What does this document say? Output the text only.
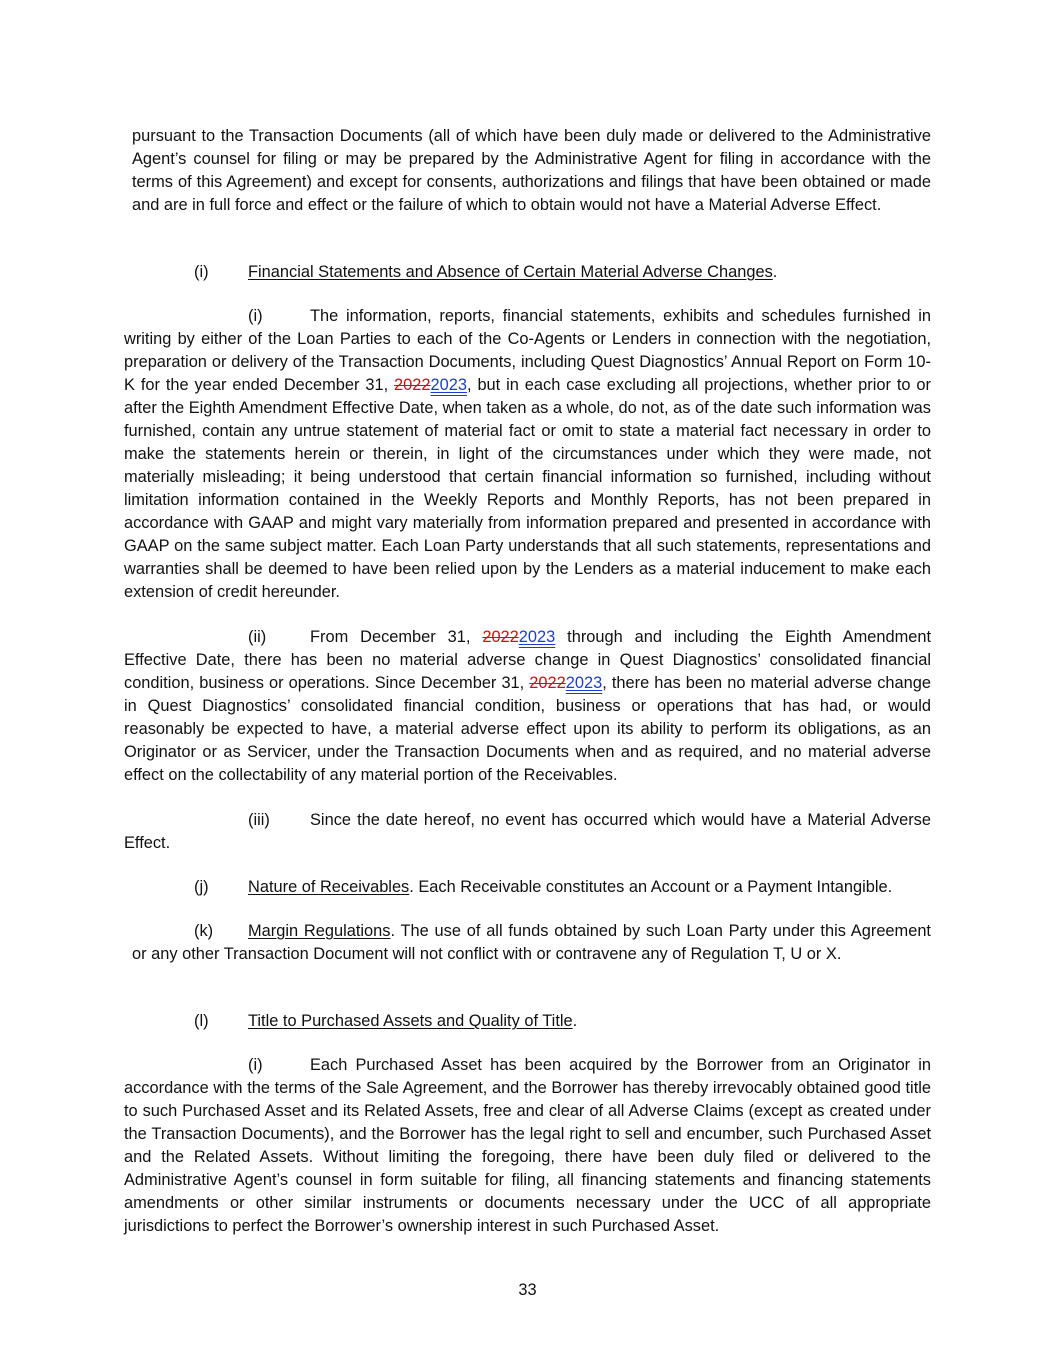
pursuant to the Transaction Documents (all of which have been duly made or delivered to the Administrative Agent’s counsel for filing or may be prepared by the Administrative Agent for filing in accordance with the terms of this Agreement) and except for consents, authorizations and filings that have been obtained or made and are in full force and effect or the failure of which to obtain would not have a Material Adverse Effect.
(i) Financial Statements and Absence of Certain Material Adverse Changes.
(i)	The information, reports, financial statements, exhibits and schedules furnished in writing by either of the Loan Parties to each of the Co-Agents or Lenders in connection with the negotiation, preparation or delivery of the Transaction Documents, including Quest Diagnostics’ Annual Report on Form 10-K for the year ended December 31, 20222023, but in each case excluding all projections, whether prior to or after the Eighth Amendment Effective Date, when taken as a whole, do not, as of the date such information was furnished, contain any untrue statement of material fact or omit to state a material fact necessary in order to make the statements herein or therein, in light of the circumstances under which they were made, not materially misleading; it being understood that certain financial information so furnished, including without limitation information contained in the Weekly Reports and Monthly Reports, has not been prepared in accordance with GAAP and might vary materially from information prepared and presented in accordance with GAAP on the same subject matter. Each Loan Party understands that all such statements, representations and warranties shall be deemed to have been relied upon by the Lenders as a material inducement to make each extension of credit hereunder.
(ii)	From December 31, 20222023 through and including the Eighth Amendment Effective Date, there has been no material adverse change in Quest Diagnostics’ consolidated financial condition, business or operations. Since December 31, 20222023, there has been no material adverse change in Quest Diagnostics’ consolidated financial condition, business or operations that has had, or would reasonably be expected to have, a material adverse effect upon its ability to perform its obligations, as an Originator or as Servicer, under the Transaction Documents when and as required, and no material adverse effect on the collectability of any material portion of the Receivables.
(iii) Since the date hereof, no event has occurred which would have a Material Adverse Effect.
(j) Nature of Receivables. Each Receivable constitutes an Account or a Payment Intangible.
(k) Margin Regulations. The use of all funds obtained by such Loan Party under this Agreement or any other Transaction Document will not conflict with or contravene any of Regulation T, U or X.
(l) Title to Purchased Assets and Quality of Title.
(i)	Each Purchased Asset has been acquired by the Borrower from an Originator in accordance with the terms of the Sale Agreement, and the Borrower has thereby irrevocably obtained good title to such Purchased Asset and its Related Assets, free and clear of all Adverse Claims (except as created under the Transaction Documents), and the Borrower has the legal right to sell and encumber, such Purchased Asset and the Related Assets. Without limiting the foregoing, there have been duly filed or delivered to the Administrative Agent’s counsel in form suitable for filing, all financing statements and financing statements amendments or other similar instruments or documents necessary under the UCC of all appropriate jurisdictions to perfect the Borrower’s ownership interest in such Purchased Asset.
33
